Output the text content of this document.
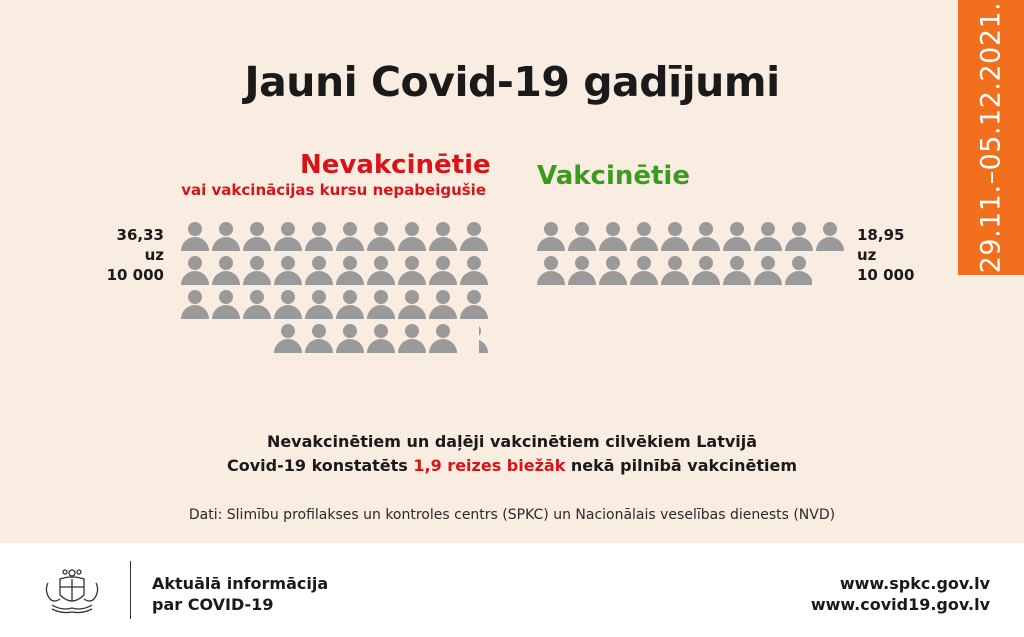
29.11.–05.12.2021.
Jauni Covid-19 gadījumi
Nevakcinētie
vai vakcinācijas kursu nepabeigušie Vakcinētie
36,33
uz
10 000
18,95
uz
10 000
Nevakcinētiem un daļēji vakcinētiem cilvēkiem Latvijā
Covid-19 konstatēts 1,9 reizes biežāk nekā pilnībā vakcinētiem
Dati: Slimību profilakses un kontroles centrs (SPKC) un Nacionālais veselības dienests (NVD)
Aktuālā informācija
par COVID-19
www.spkc.gov.lv
www.covid19.gov.lv
